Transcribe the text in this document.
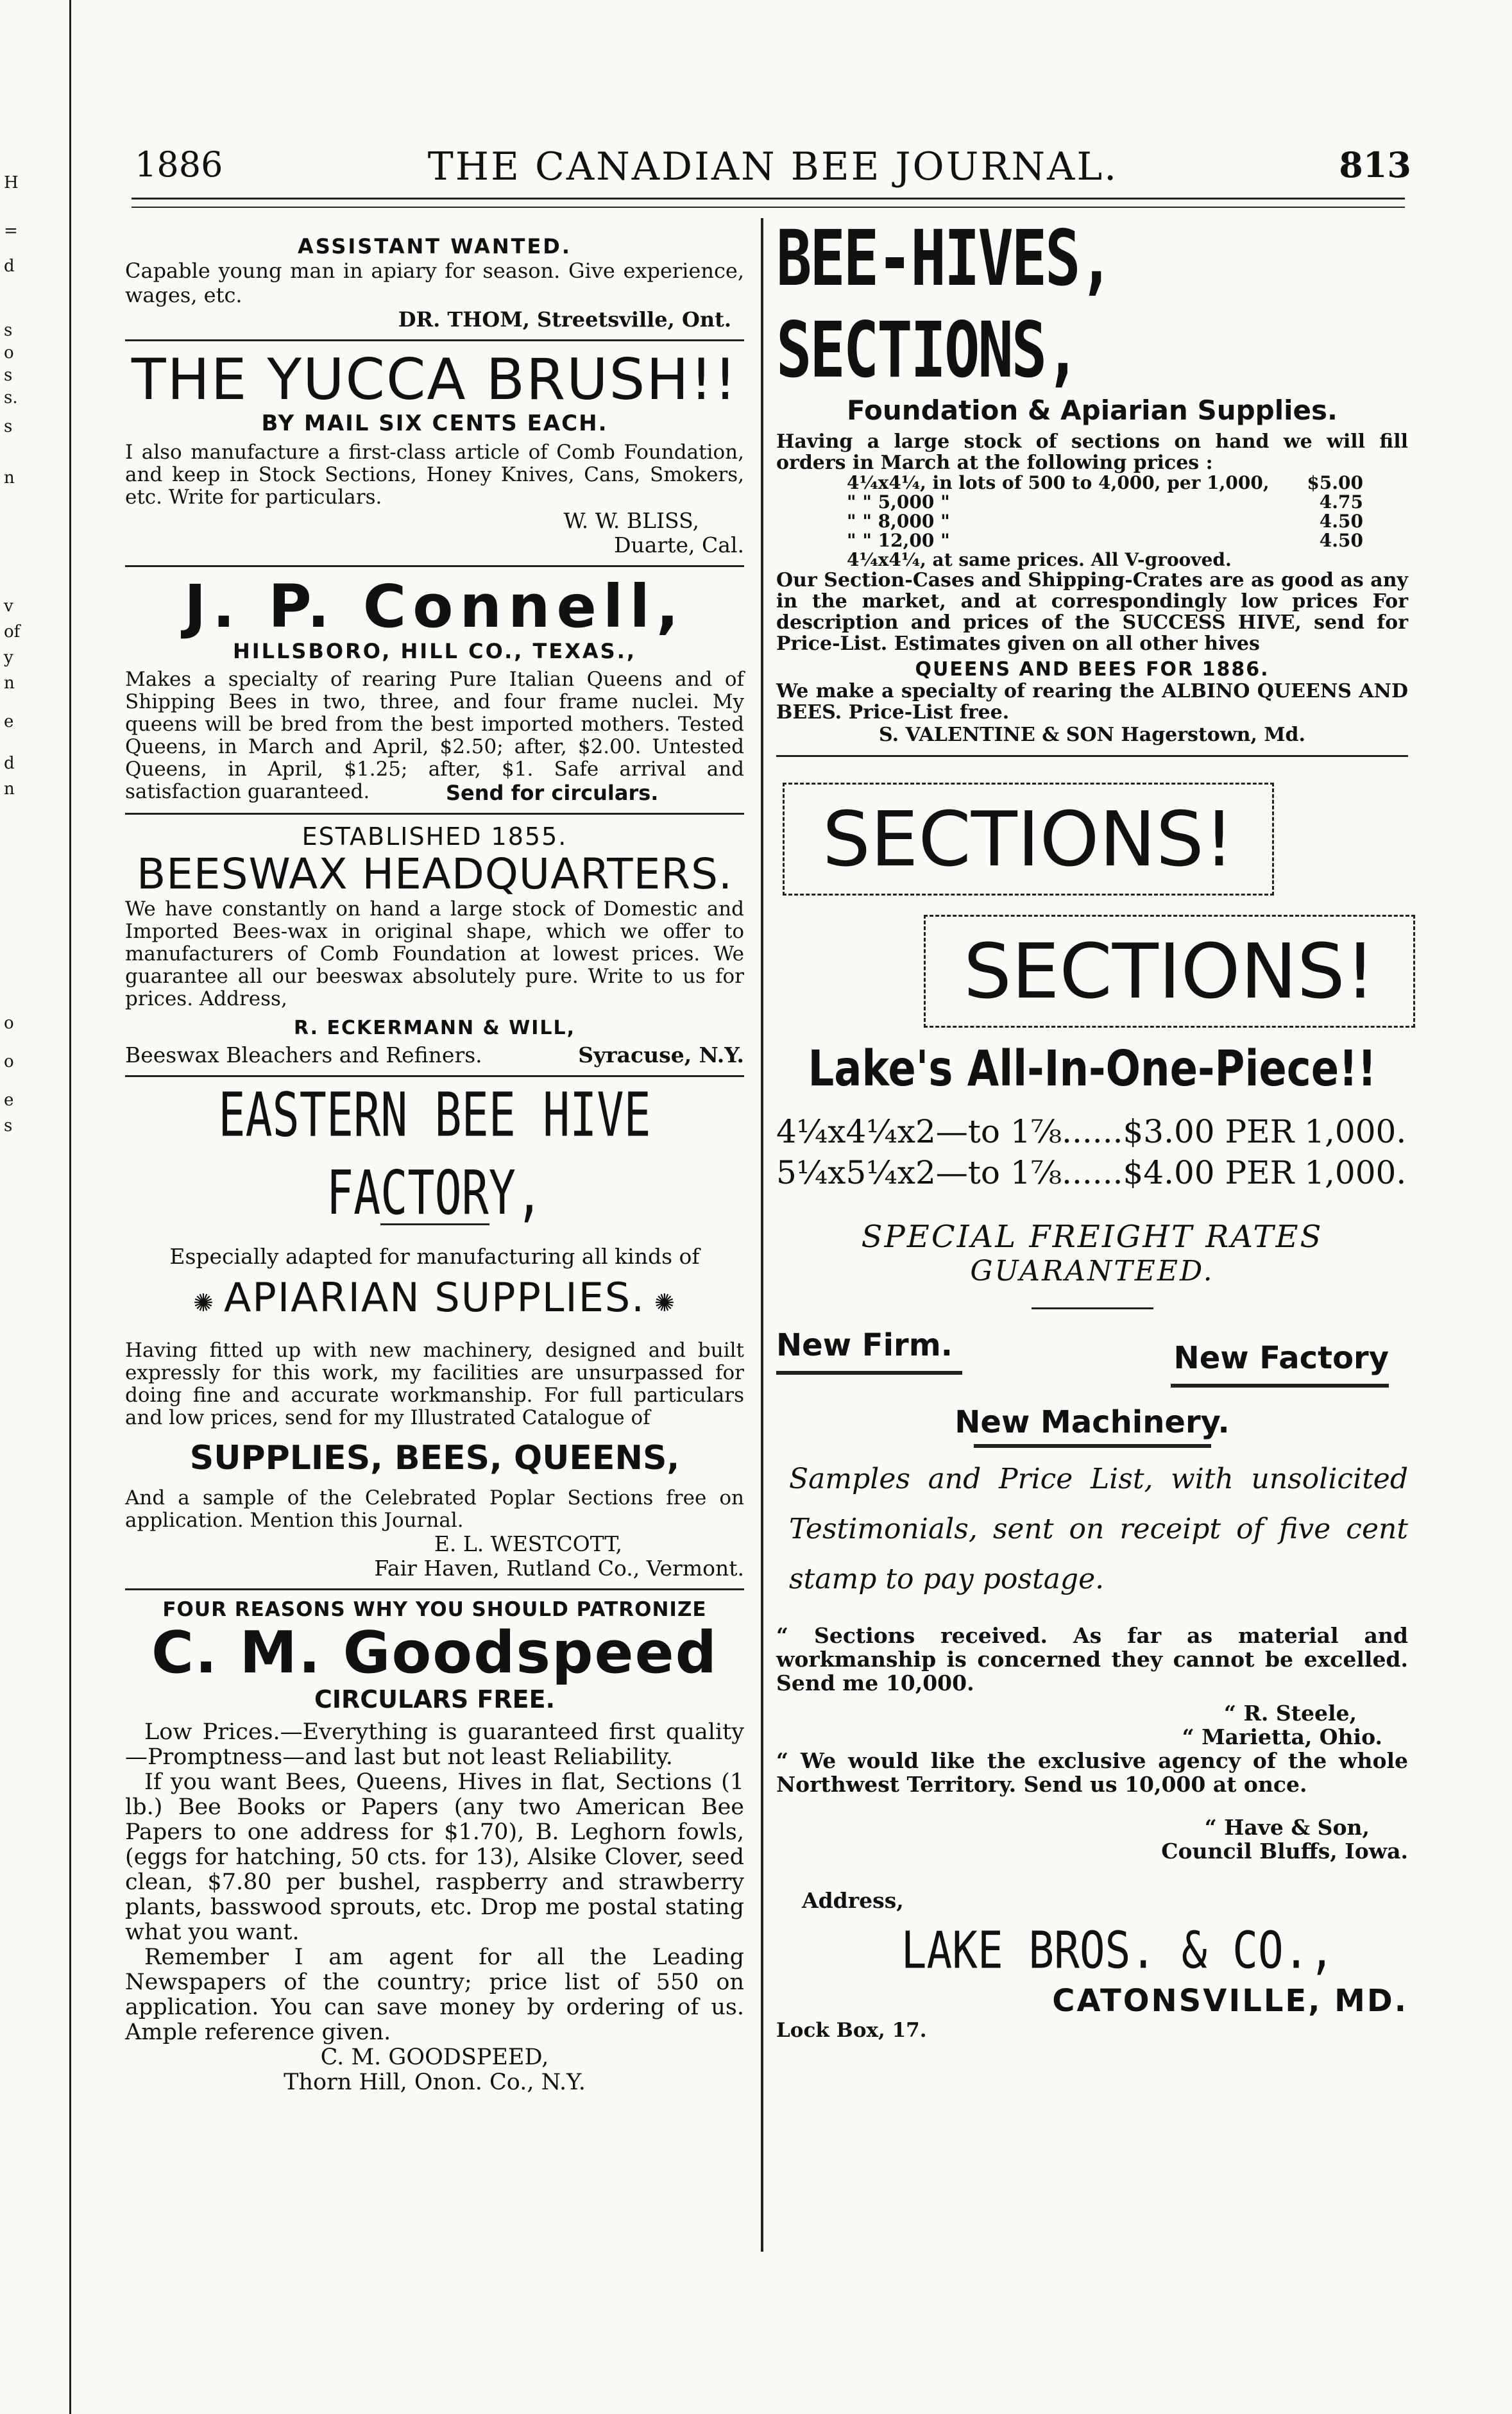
H
=
d
s
o
s
s.
s
n
v
of
y
n
e
d
n
o
o
e
s
1886	THE CANADIAN BEE JOURNAL.	813

ASSISTANT WANTED.

Capable young man in apiary for season. Give experience, wages, etc.

DR. THOM, Streetsville, Ont.

THE YUCCA BRUSH!!

BY MAIL SIX CENTS EACH.

I also manufacture a first-class article of Comb Foundation, and keep in Stock Sections, Honey Knives, Cans, Smokers, etc. Write for particulars.

W. W. BLISS,

Duarte, Cal.

J. P. Connell,

HILLSBORO, HILL CO., TEXAS.,

Makes a specialty of rearing Pure Italian Queens and of Shipping Bees in two, three, and four frame nuclei. My queens will be bred from the best imported mothers. Tested Queens, in March and April, $2.50; after, $2.00. Untested Queens, in April, $1.25; after, $1. Safe arrival and satisfaction guaranteed.	Send for circulars.

ESTABLISHED 1855.

BEESWAX HEADQUARTERS.

We have constantly on hand a large stock of Domestic and Imported Bees-wax in original shape, which we offer to manufacturers of Comb Foundation at lowest prices. We guarantee all our beeswax absolutely pure. Write to us for prices. Address,

R. ECKERMANN & WILL,

Beeswax Bleachers and Refiners.	Syracuse, N.Y.

EASTERN BEE HIVE FACTORY,

Especially adapted for manufacturing all kinds of

✺ APIARIAN SUPPLIES. ✺

Having fitted up with new machinery, designed and built expressly for this work, my facilities are unsurpassed for doing fine and accurate workmanship. For full particulars and low prices, send for my Illustrated Catalogue of

SUPPLIES, BEES, QUEENS,

And a sample of the Celebrated Poplar Sections free on application. Mention this Journal.

E. L. WESTCOTT,

Fair Haven, Rutland Co., Vermont.

FOUR REASONS WHY YOU SHOULD PATRONIZE

C. M. Goodspeed

CIRCULARS FREE.

Low Prices.—Everything is guaranteed first quality—Promptness—and last but not least Reliability.

If you want Bees, Queens, Hives in flat, Sections (1 lb.) Bee Books or Papers (any two American Bee Papers to one address for $1.70), B. Leghorn fowls, (eggs for hatching, 50 cts. for 13), Alsike Clover, seed clean, $7.80 per bushel, raspberry and strawberry plants, basswood sprouts, etc. Drop me postal stating what you want.

Remember I am agent for all the Leading Newspapers of the country; price list of 550 on application. You can save money by ordering of us. Ample reference given.

C. M. GOODSPEED,

Thorn Hill, Onon. Co., N.Y.

BEE-HIVES, SECTIONS,

Foundation & Apiarian Supplies.

Having a large stock of sections on hand we will fill orders in March at the following prices :

4¼x4¼, in lots of 500 to 4,000, per 1,000, $5.00
" " 5,000 "	4.75
" " 8,000 "	4.50
" " 12,00 "	4.50

4¼x4¼, at same prices. All V-grooved.

Our Section-Cases and Shipping-Crates are as good as any in the market, and at correspondingly low prices For description and prices of the SUCCESS HIVE, send for Price-List. Estimates given on all other hives

QUEENS AND BEES FOR 1886.

We make a specialty of rearing the ALBINO QUEENS AND BEES. Price-List free.

S. VALENTINE & SON Hagerstown, Md.

SECTIONS!

SECTIONS!

Lake's All-In-One-Piece!!

4¼x4¼x2—to 1⅞......$3.00 PER 1,000.

5¼x5¼x2—to 1⅞......$4.00 PER 1,000.

SPECIAL FREIGHT RATES

GUARANTEED.

New Firm.	New Factory

New Machinery.

Samples and Price List, with unsolicited Testimonials, sent on receipt of five cent stamp to pay postage.

“ Sections received. As far as material and workmanship is concerned they cannot be excelled. Send me 10,000.

“ R. Steele,

“ Marietta, Ohio.

“ We would like the exclusive agency of the whole Northwest Territory. Send us 10,000 at once.

“ Have & Son,

Council Bluffs, Iowa.

Address,

LAKE BROS. & CO.,

CATONSVILLE, MD.

Lock Box, 17.
